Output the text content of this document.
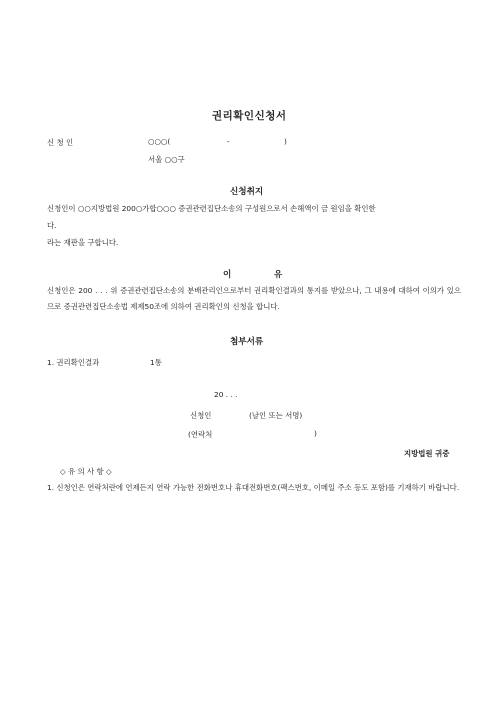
권리확인신청서
신 청 인	○○○(	-	)
서울 ○○구
신청취지
신청인이 ○○지방법원 200○가합○○○ 증권관련집단소송의 구성원으로서 손해액이 금 원임을 확인한
다.
라는 재판을 구합니다.
이	유
신청인은 200 . . . 위 증권관련집단소송의 분배관리인으로부터 권리확인결과의 통지를 받았으나, 그 내용에 대하여 이의가 있으므로 증권관련집단소송법 제제50조에 의하여 권리확인의 신청을 합니다.
첨부서류
1. 권리확인결과	1통
20 . . .
신청인	(날인 또는 서명)
(연락처	)
지방법원 귀중
◇ 유 의 사 항 ◇
1. 신청인은 연락처란에 언제든지 연락 가능한 전화번호나 휴대전화번호(팩스번호, 이메일 주소 등도 포함)를 기재하기 바랍니다.
